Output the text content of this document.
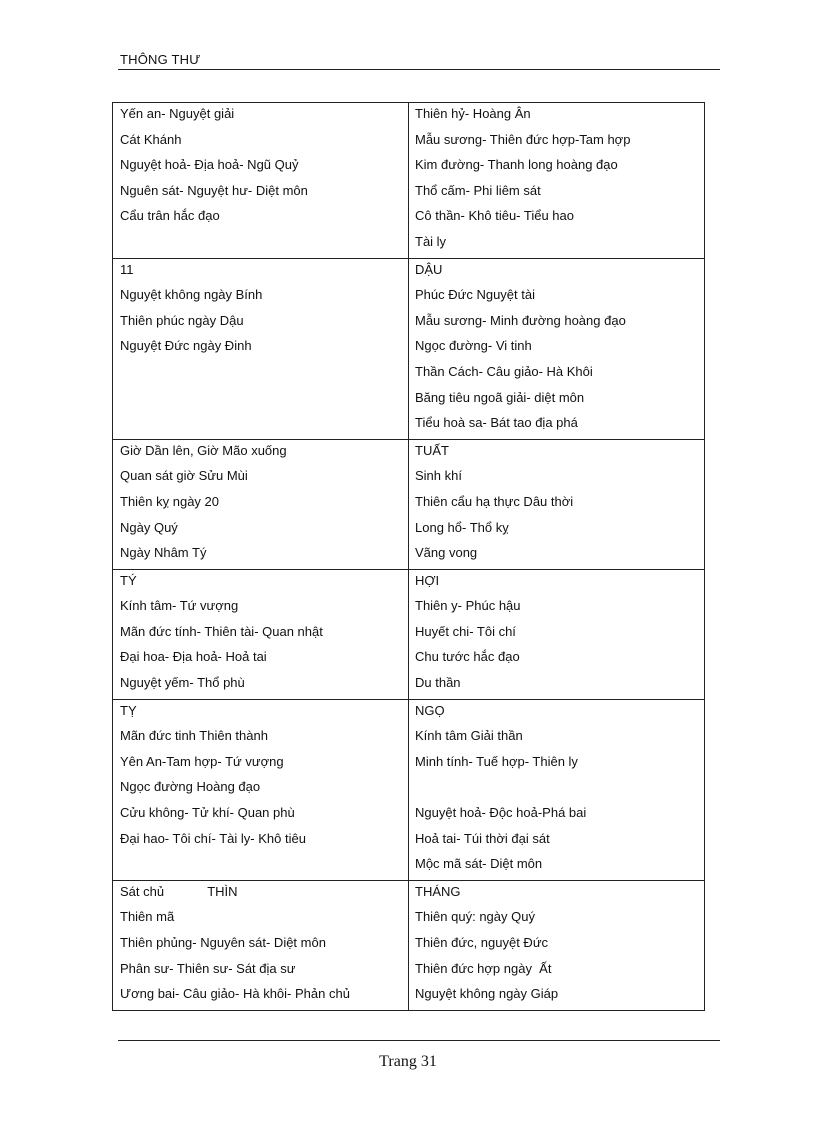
THÔNG THƯ
Yến an- Nguyệt giải
Cát Khánh
Nguyệt hoả- Địa hoả- Ngũ Quỷ
Nguên sát- Nguyệt hư- Diệt môn
Cẩu trân hắc đạo
Thiên hỷ- Hoàng Ân
Mẫu sương- Thiên đức hợp-Tam hợp
Kim đường- Thanh long hoàng đạo
Thổ cấm- Phi liêm sát
Cô thần- Khô tiêu- Tiểu hao
Tài ly
11
Nguyệt không ngày Bính
Thiên phúc ngày Dậu
Nguyệt Đức ngày Đinh
DẬU
Phúc Đức Nguyệt tài
Mẫu sương- Minh đường hoàng đạo
Ngọc đường- Vi tinh
Thần Cách- Câu giảo- Hà Khôi
Băng tiêu ngoã giải- diệt môn
Tiểu hoà sa- Bát tao địa phá
Giờ Dần lên, Giờ Mão xuống
Quan sát giờ Sửu Mùi
Thiên kỵ ngày 20
Ngày Quý
Ngày Nhâm Tý
TUẤT
Sinh khí
Thiên cẩu hạ thực Dâu thời
Long hổ- Thổ kỵ
Vãng vong
TÝ
Kính tâm- Tứ vượng
Mãn đức tính- Thiên tài- Quan nhật
Đại hoa- Địa hoả- Hoả tai
Nguyệt yếm- Thổ phù
HỢI
Thiên y- Phúc hậu
Huyết chi- Tôi chí
Chu tước hắc đạo
Du thần
TỴ
Mãn đức tinh Thiên thành
Yên An-Tam hợp- Tứ vượng
Ngọc đường Hoàng đạo
Cửu không- Tử khí- Quan phù
Đại hao- Tôi chí- Tài ly- Khô tiêu
NGỌ
Kính tâm Giải thần
Minh tính- Tuế hợp- Thiên ly
Nguyệt hoả- Độc hoả-Phá bai
Hoả tai- Túi thời đại sát
Mộc mã sát- Diệt môn
Sát chủ            THÌN
Thiên mã
Thiên phủng- Nguyên sát- Diệt môn
Phân sư- Thiên sư- Sát địa sư
Ương bai- Câu giảo- Hà khôi- Phản chủ
THÁNG
Thiên quý: ngày Quý
Thiên đức, nguyệt Đức
Thiên đức hợp ngày  Ất
Nguyệt không ngày Giáp
Trang 31
